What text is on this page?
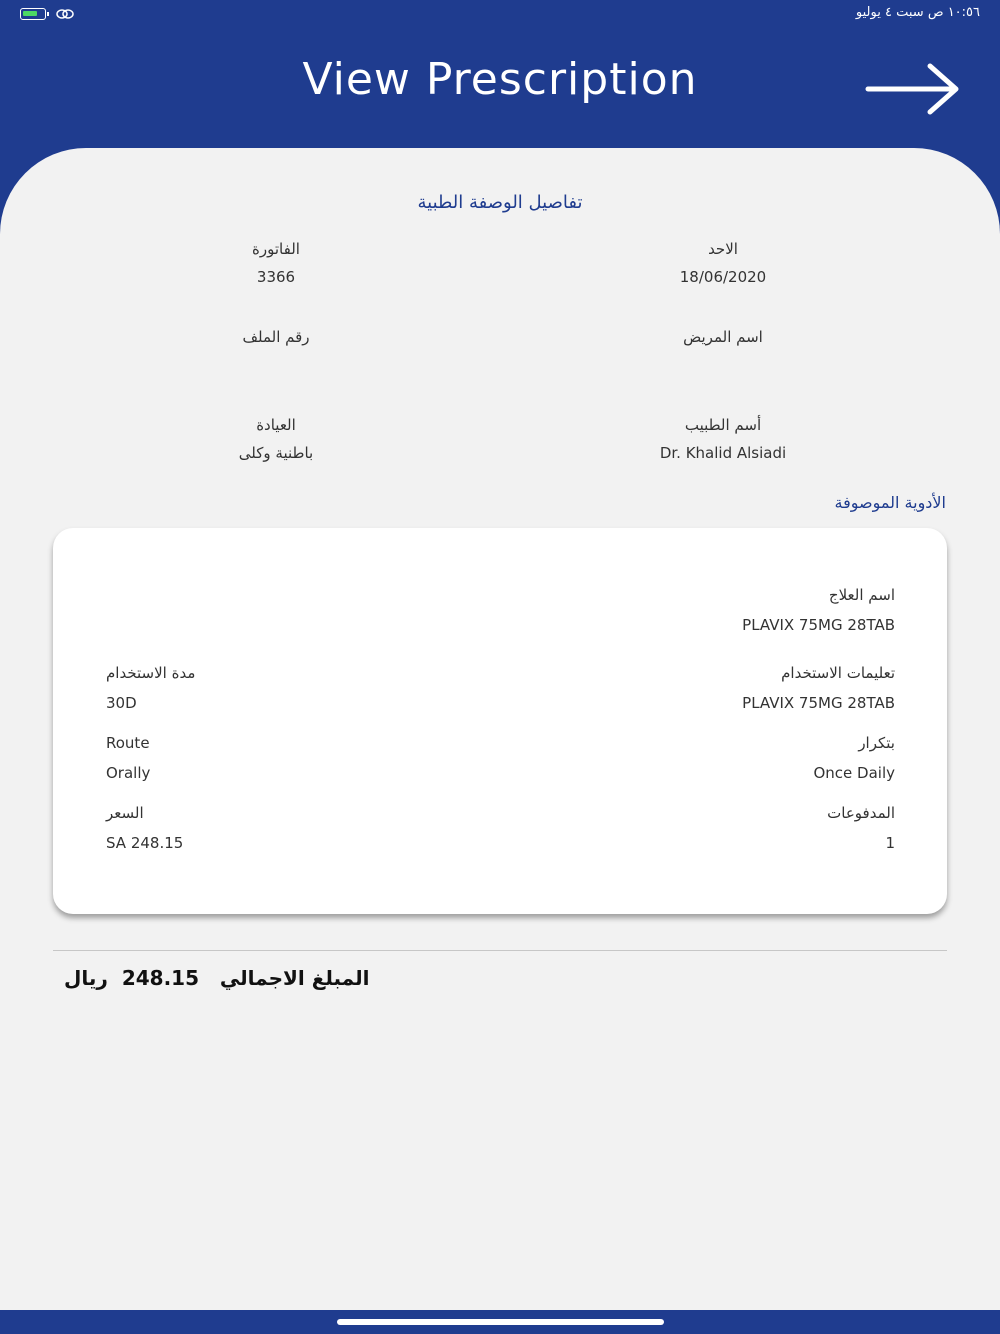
١٠:٥٦ ص سبت ٤ يوليو
View Prescription
تفاصيل الوصفة الطبية
الاحد
18/06/2020
الفاتورة
3366
اسم المريض
رقم الملف
أسم الطبيب
Dr. Khalid Alsiadi
العيادة
باطنية وكلى
الأدوية الموصوفة
اسم العلاج
PLAVIX 75MG 28TAB
تعليمات الاستخدام
PLAVIX 75MG 28TAB
مدة الاستخدام
30D
بتكرار
Once Daily
Route
Orally
المدفوعات
1
السعر
SA 248.15
المبلغ الاجمالي   248.15  ريال
